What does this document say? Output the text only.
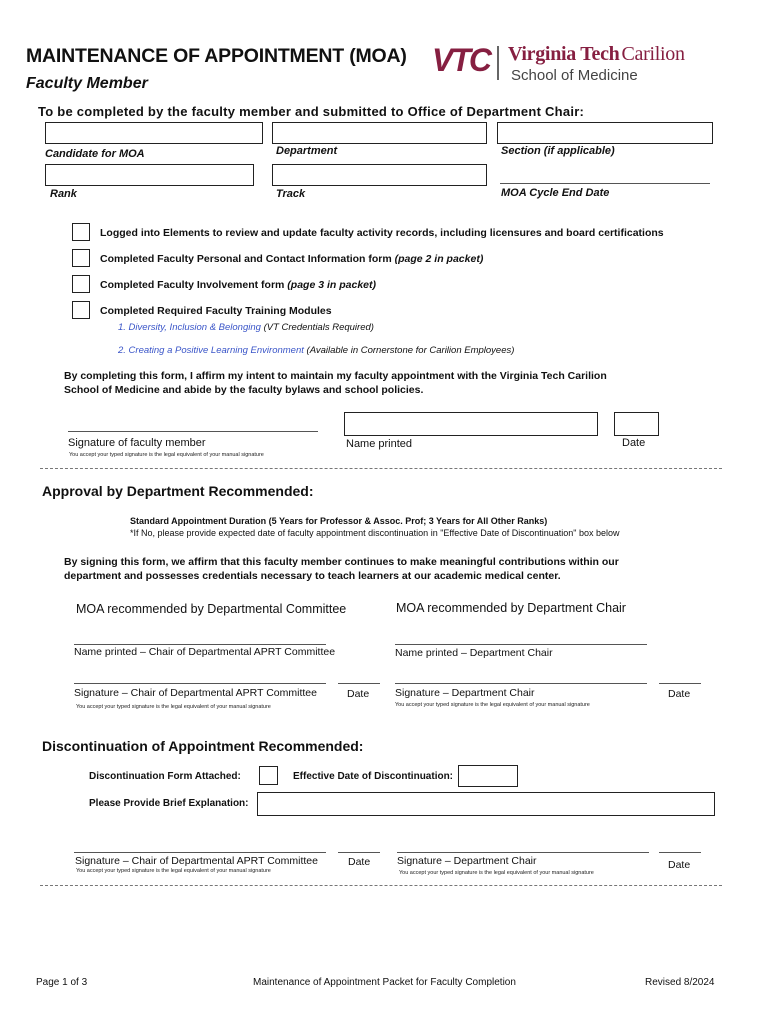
MAINTENANCE OF APPOINTMENT (MOA)
Faculty Member
VTC Virginia Tech Carilion
School of Medicine
To be completed by the faculty member and submitted to Office of Department Chair:
Candidate for MOA	Department	Section (if applicable)
Rank	Track	MOA Cycle End Date
Logged into Elements to review and update faculty activity records, including licensures and board certifications
Completed Faculty Personal and Contact Information form (page 2 in packet)
Completed Faculty Involvement form (page 3 in packet)
Completed Required Faculty Training Modules
1. Diversity, Inclusion & Belonging (VT Credentials Required)
2. Creating a Positive Learning Environment (Available in Cornerstone for Carilion Employees)
By completing this form, I affirm my intent to maintain my faculty appointment with the Virginia Tech Carilion
School of Medicine and abide by the faculty bylaws and school policies.
Signature of faculty member
You accept your typed signature is the legal equivalent of your manual signature
Name printed	Date
Approval by Department Recommended:
Standard Appointment Duration (5 Years for Professor & Assoc. Prof; 3 Years for All Other Ranks)
*If No, please provide expected date of faculty appointment discontinuation in "Effective Date of Discontinuation" box below
By signing this form, we affirm that this faculty member continues to make meaningful contributions within our
department and possesses credentials necessary to teach learners at our academic medical center.
MOA recommended by Departmental Committee	MOA recommended by Department Chair
Name printed – Chair of Departmental APRT Committee	Name printed – Department Chair
Signature – Chair of Departmental APRT Committee
You accept your typed signature is the legal equivalent of your manual signature
Date Signature – Department Chair
You accept your typed signature is the legal equivalent of your manual signature
Date
Discontinuation of Appointment Recommended:
Discontinuation Form Attached:	Effective Date of Discontinuation:
Please Provide Brief Explanation:
Signature – Chair of Departmental APRT Committee
You accept your typed signature is the legal equivalent of your manual signature
Date	Signature – Department Chair
You accept your typed signature is the legal equivalent of your manual signature
Date
Page 1 of 3	Maintenance of Appointment Packet for Faculty Completion	Revised 8/2024
